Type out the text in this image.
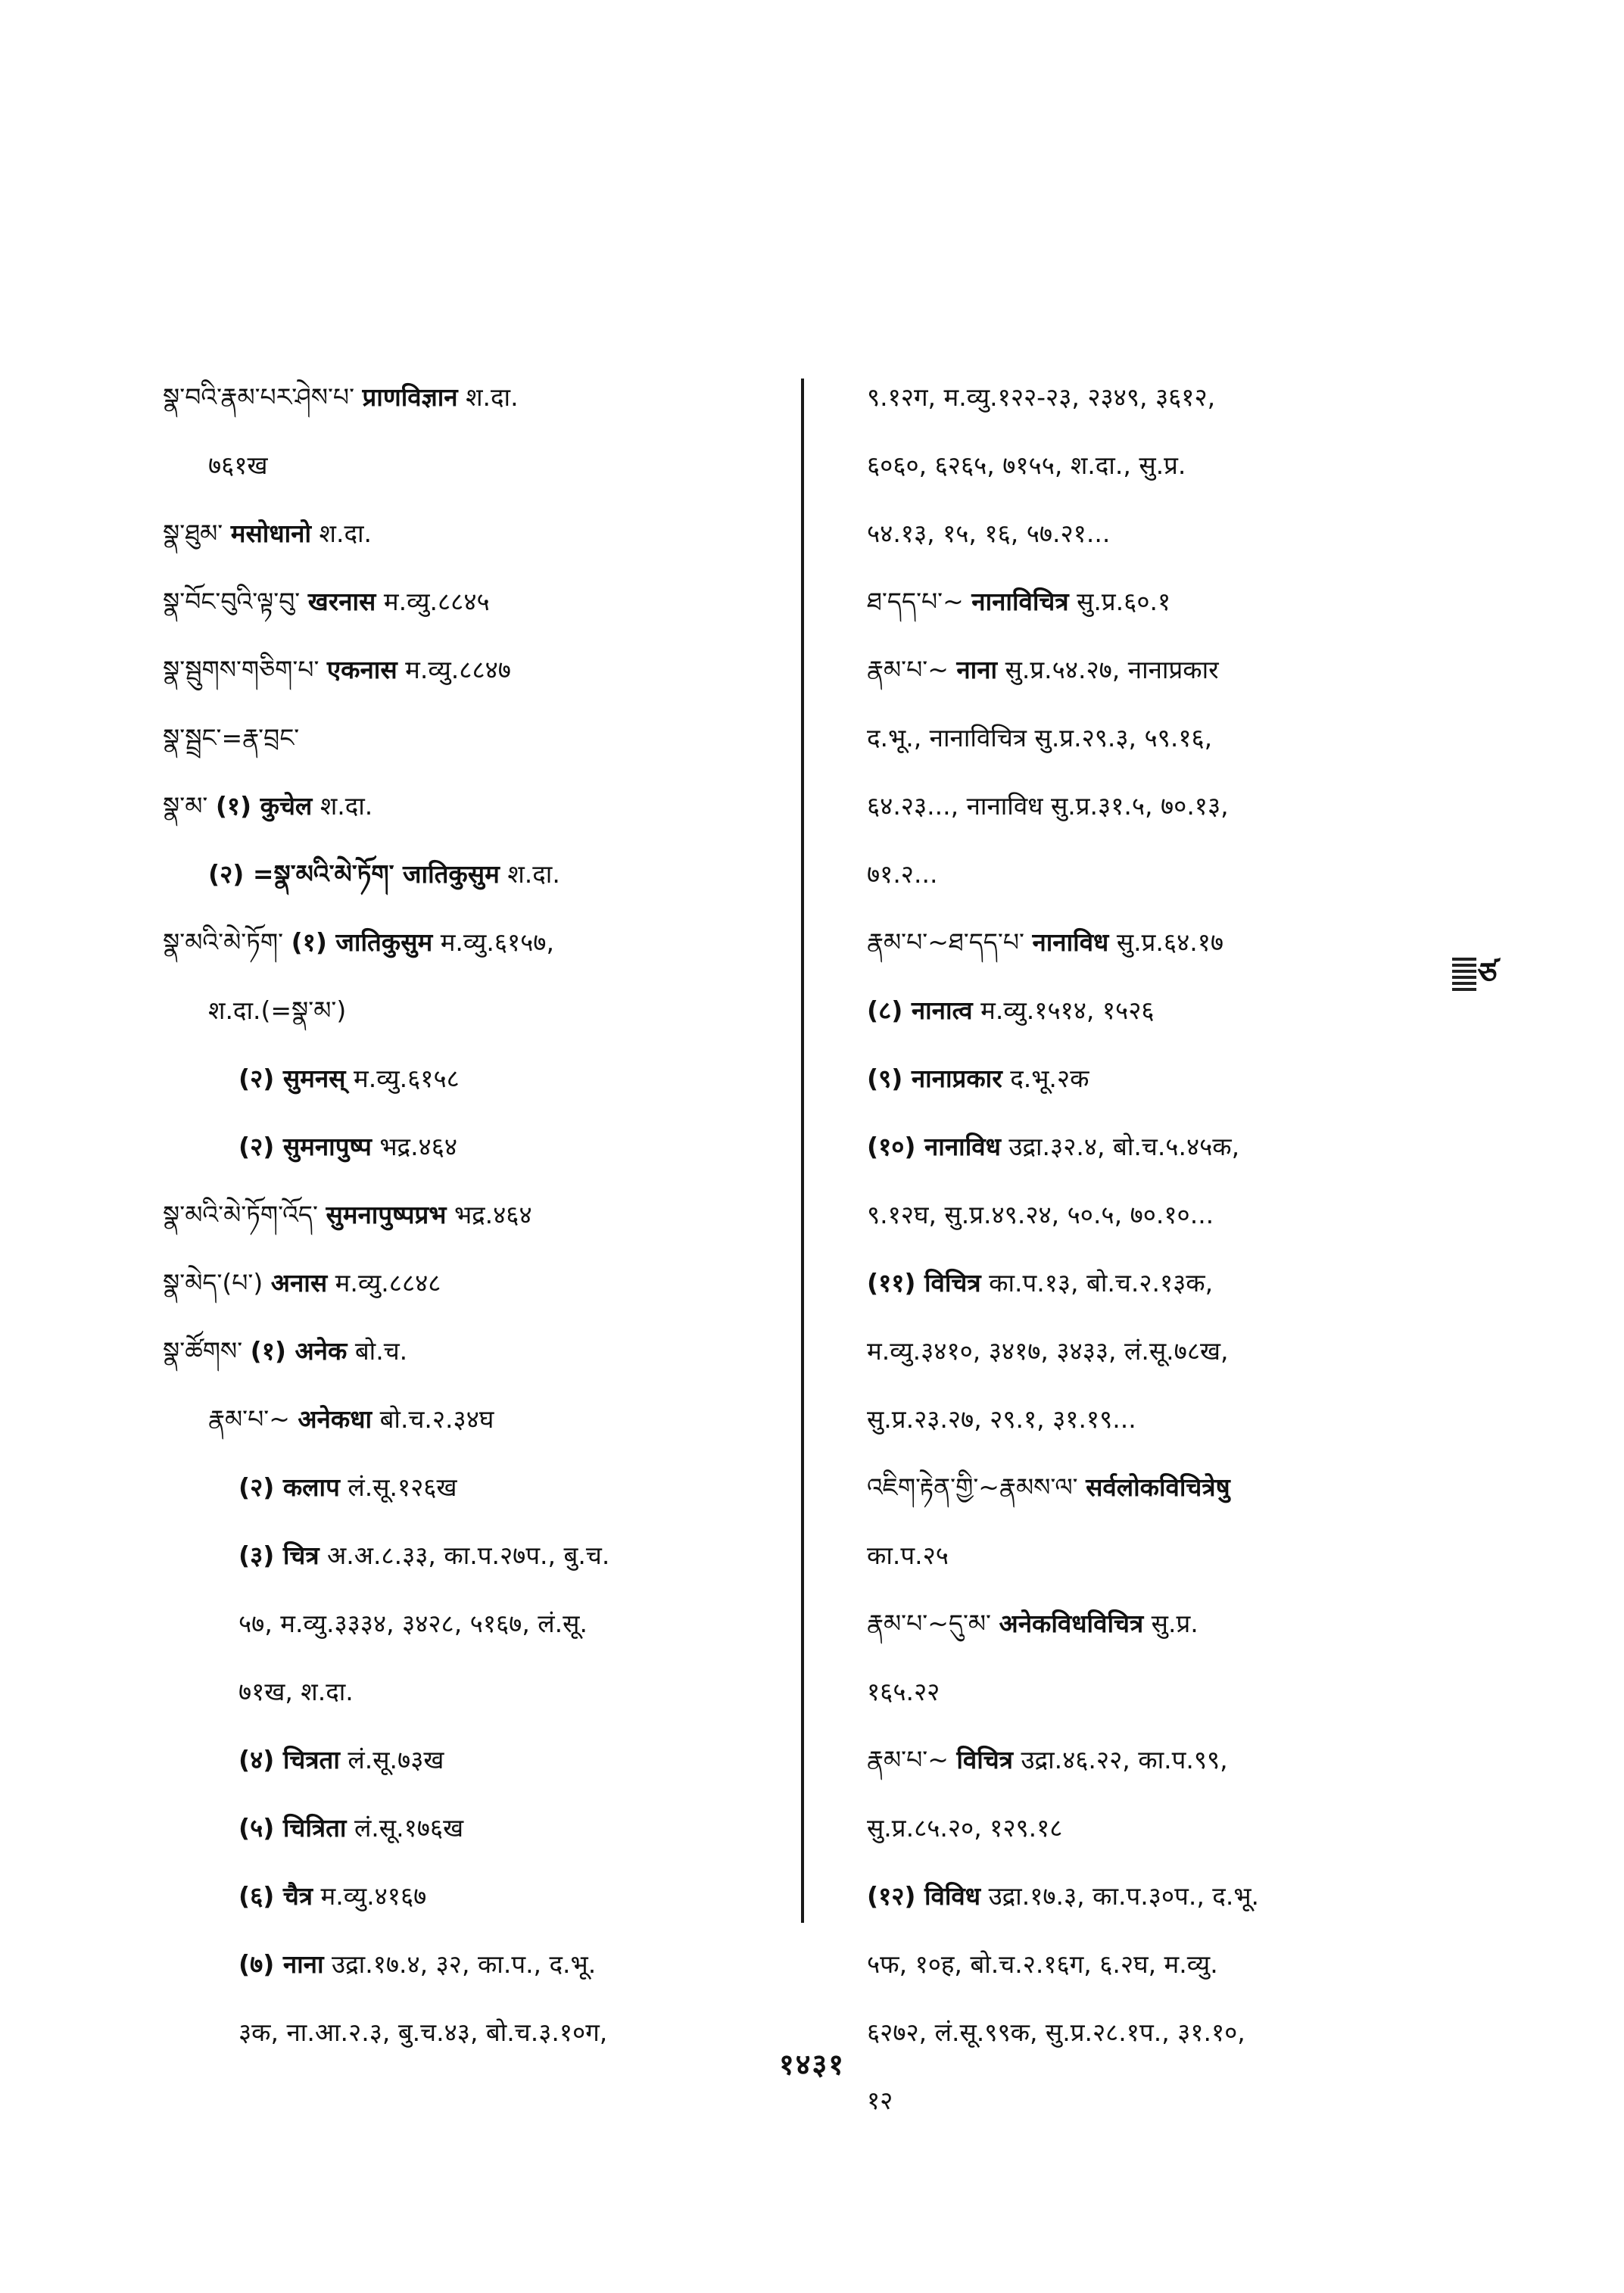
སྣ་བའི་རྣམ་པར་ཤེས་པ་ प्राणविज्ञान श.दा.
७६१ख
སྣ་ཐུམ་ मसोधानो श.दा.
སྣ་བོང་བུའི་ལྟ་བུ་ खरनास म.व्यु.८८४५
སྣ་སྦུགས་གཅིག་པ་ एकनास म.व्यु.८८४७
སྣ་སྦྲང་=རྣ་བྲང་
སྣ་མ་ (१) कुचेल श.दा.
(२) =སྣ་མའི་མེ་ཏོག་ जातिकुसुम श.दा.
སྣ་མའི་མེ་ཏོག་ (१) जातिकुसुम म.व्यु.६१५७,
श.दा.(=སྣ་མ་)
(२) सुमनस् म.व्यु.६१५८
(२) सुमनापुष्प भद्र.४६४
སྣ་མའི་མེ་ཏོག་འོད་ सुमनापुष्पप्रभ भद्र.४६४
སྣ་མེད་(པ་) अनास म.व्यु.८८४८
སྣ་ཚོགས་ (१) अनेक बो.च.
རྣམ་པ་~ अनेकधा बो.च.२.३४घ
(२) कलाप लं.सू.१२६ख
(३) चित्र अ.अ.८.३३, का.प.२७प., बु.च.
५७, म.व्यु.३३३४, ३४२८, ५१६७, लं.सू.
७१ख, श.दा.
(४) चित्रता लं.सू.७३ख
(५) चित्रिता लं.सू.१७६ख
(६) चैत्र म.व्यु.४१६७
(७) नाना उद्रा.१७.४, ३२, का.प., द.भू.
३क, ना.आ.२.३, बु.च.४३, बो.च.३.१०ग,
९.१२ग, म.व्यु.१२२-२३, २३४९, ३६१२,
६०६०, ६२६५, ७१५५, श.दा., सु.प्र.
५४.१३, १५, १६, ५७.२१...
ཐ་དད་པ་~ नानाविचित्र सु.प्र.६०.१
རྣམ་པ་~ नाना सु.प्र.५४.२७, नानाप्रकार
द.भू., नानाविचित्र सु.प्र.२९.३, ५९.१६,
६४.२३..., नानाविध सु.प्र.३१.५, ७०.१३,
७१.२...
རྣམ་པ་~ཐ་དད་པ་ नानाविध सु.प्र.६४.१७
(८) नानात्व म.व्यु.१५१४, १५२६
(९) नानाप्रकार द.भू.२क
(१०) नानाविध उद्रा.३२.४, बो.च.५.४५क,
९.१२घ, सु.प्र.४९.२४, ५०.५, ७०.१०...
(११) विचित्र का.प.१३, बो.च.२.१३क,
म.व्यु.३४१०, ३४१७, ३४३३, लं.सू.७८ख,
सु.प्र.२३.२७, २९.१, ३१.१९...
འཇིག་རྟེན་གྱི་~རྣམས་ལ་ सर्वलोकविचित्रेषु
का.प.२५
རྣམ་པ་~དུ་མ་ अनेकविधविचित्र सु.प्र.
१६५.२२
རྣམ་པ་~ विचित्र उद्रा.४६.२२, का.प.९९,
सु.प्र.८५.२०, १२९.१८
(१२) विविध उद्रा.१७.३, का.प.३०प., द.भू.
५फ, १०ह, बो.च.२.१६ग, ६.२घ, म.व्यु.
६२७२, लं.सू.९९क, सु.प्र.२८.१प., ३१.१०,
१२
ཙ
१४३१
